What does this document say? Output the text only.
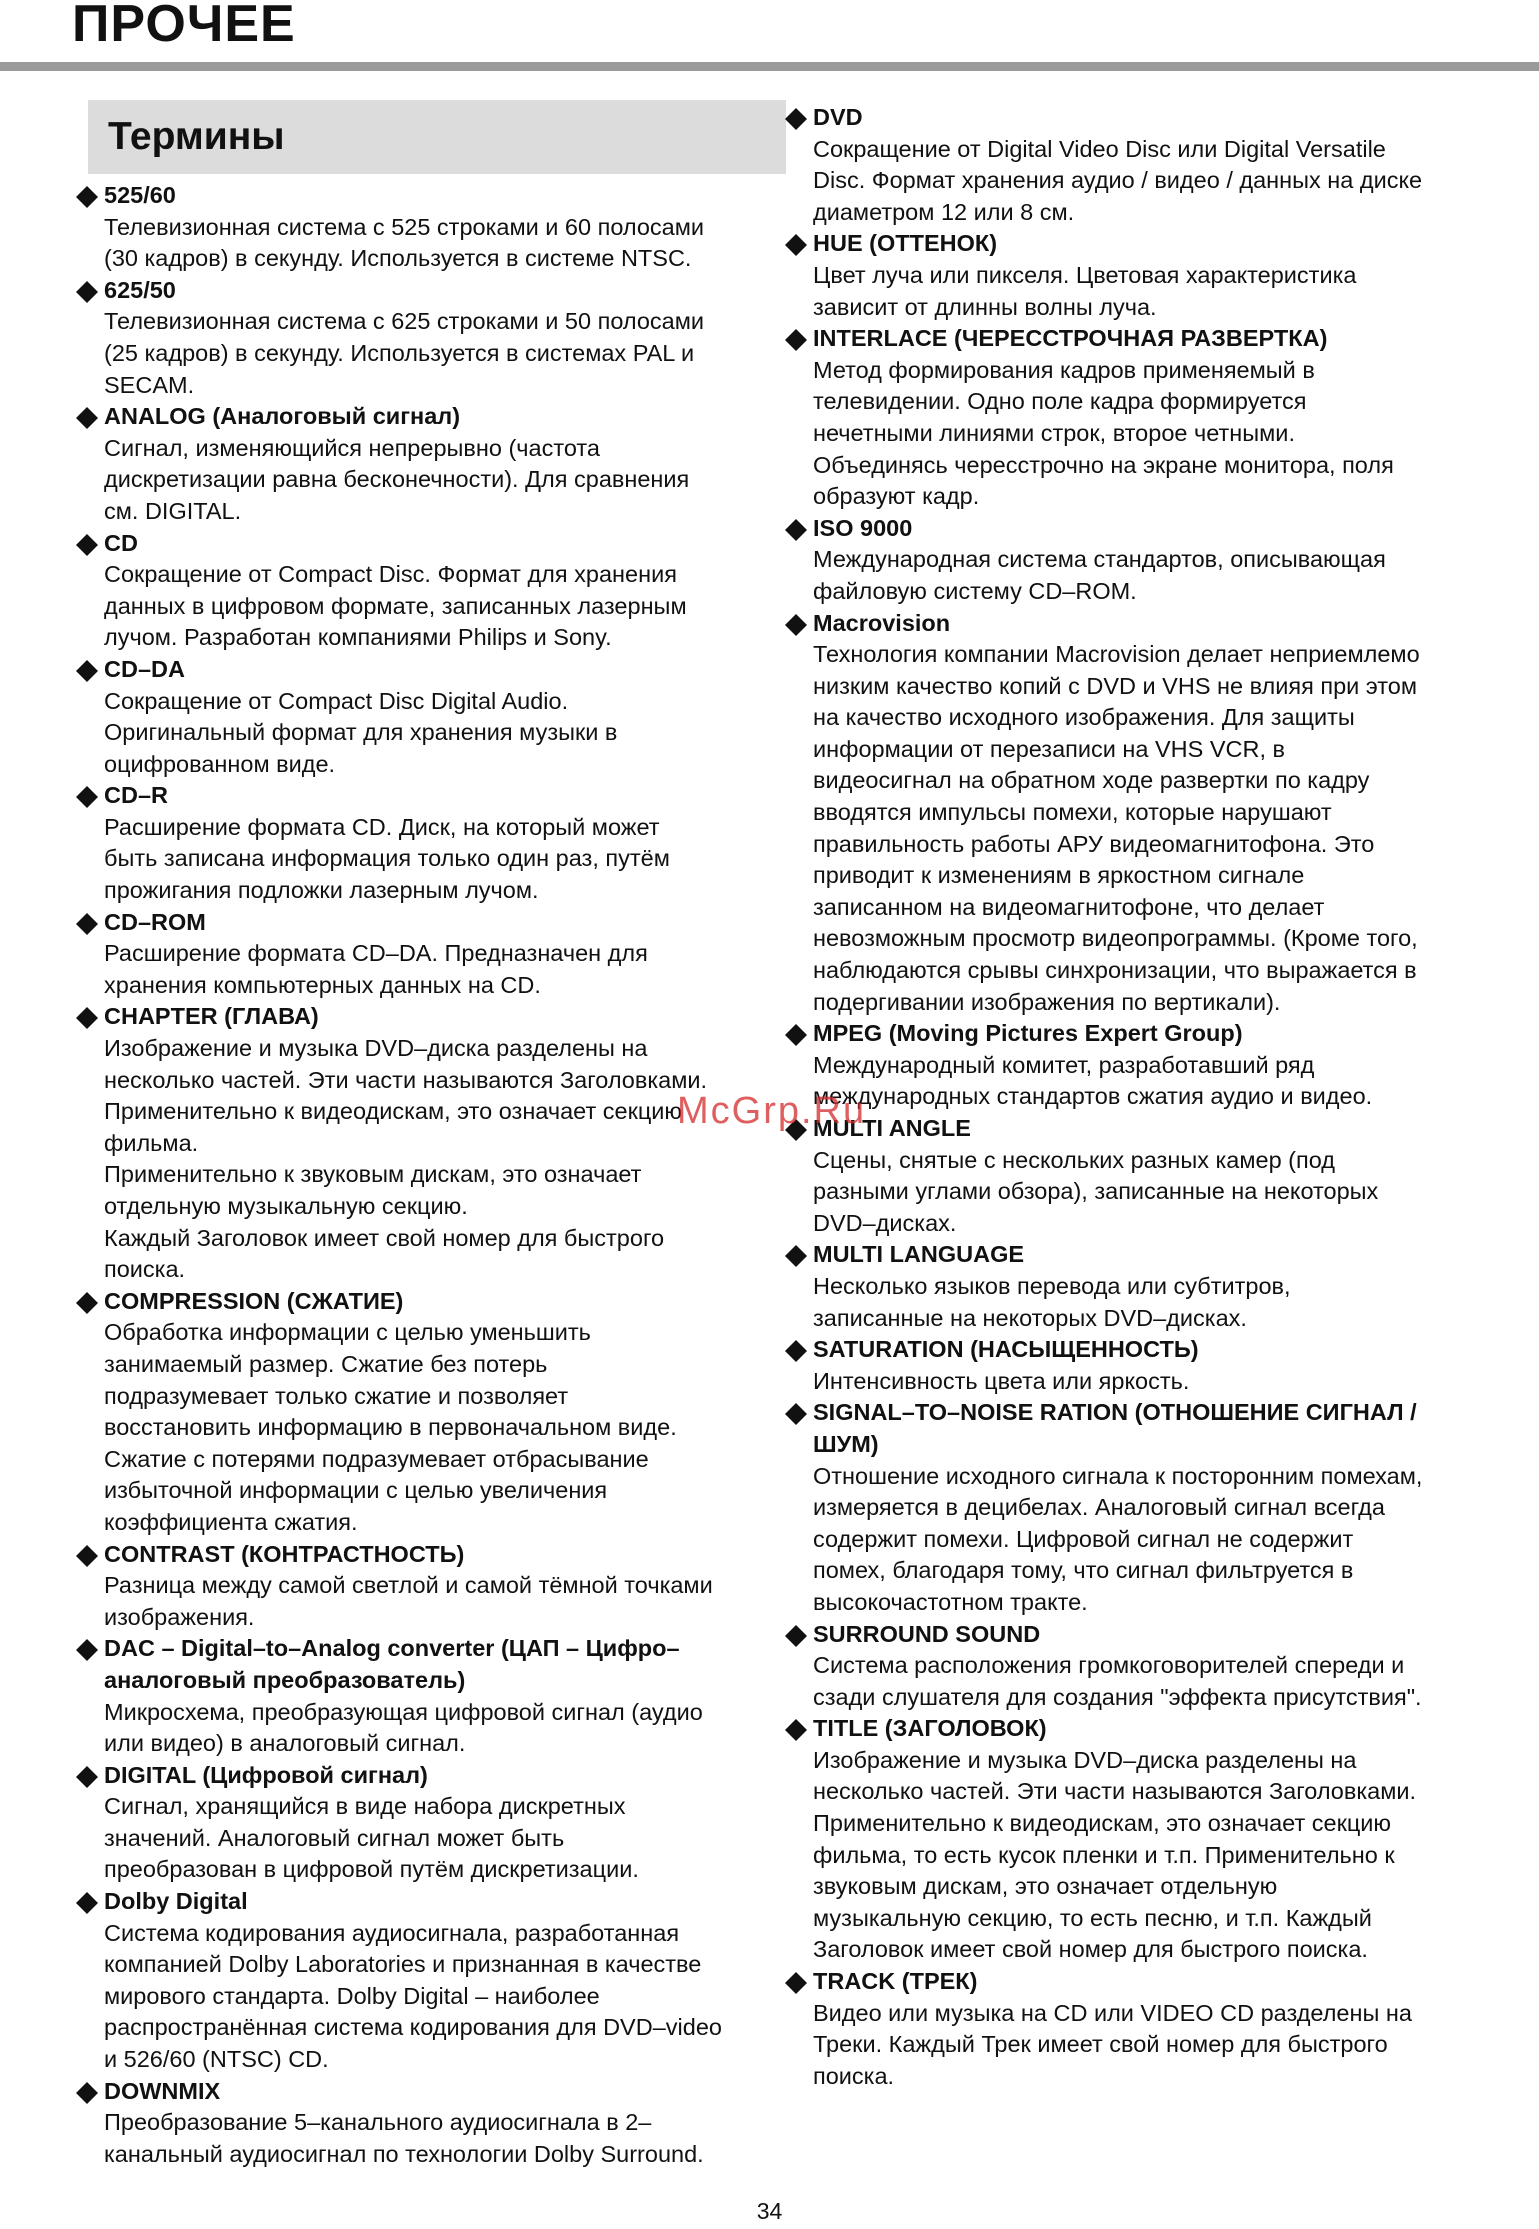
ПРОЧЕЕ
Термины
525/60
Телевизионная система с 525 строками и 60 полосами
(30 кадров) в секунду. Используется в системе NTSC.
625/50
Телевизионная система с 625 строками и 50 полосами
(25 кадров) в секунду. Используется в системах PAL и
SECAM.
ANALOG (Аналоговый сигнал)
Сигнал, изменяющийся непрерывно (частота
дискретизации равна бесконечности). Для сравнения
см. DIGITAL.
CD
Сокращение от Compact Disc. Формат для хранения
данных в цифровом формате, записанных лазерным
лучом. Разработан компаниями Philips и Sony.
CD–DA
Сокращение от Compact Disc Digital Audio.
Оригинальный формат для хранения музыки в
оцифрованном виде.
CD–R
Расширение формата CD. Диск, на который может
быть записана информация только один раз, путём
прожигания подложки лазерным лучом.
CD–ROM
Расширение формата CD–DA. Предназначен для
хранения компьютерных данных на CD.
CHAPTER (ГЛАВА)
Изображение и музыка DVD–диска разделены на
несколько частей. Эти части называются Заголовками.
Применительно к видеодискам, это означает секцию
фильма.
Применительно к звуковым дискам, это означает
отдельную музыкальную секцию.
Каждый Заголовок имеет свой номер для быстрого
поиска.
COMPRESSION (СЖАТИЕ)
Обработка информации с целью уменьшить
занимаемый размер. Сжатие без потерь
подразумевает только сжатие и позволяет
восстановить информацию в первоначальном виде.
Сжатие с потерями подразумевает отбрасывание
избыточной информации с целью увеличения
коэффициента сжатия.
CONTRAST (КОНТРАСТНОСТЬ)
Разница между самой светлой и самой тёмной точками
изображения.
DAC – Digital–to–Analog converter (ЦАП – Цифро–
аналоговый преобразователь)
Микросхема, преобразующая цифровой сигнал (аудио
или видео) в аналоговый сигнал.
DIGITAL (Цифровой сигнал)
Сигнал, хранящийся в виде набора дискретных
значений. Аналоговый сигнал может быть
преобразован в цифровой путём дискретизации.
Dolby Digital
Система кодирования аудиосигнала, разработанная
компанией Dolby Laboratories и признанная в качестве
мирового стандарта. Dolby Digital – наиболее
распространённая система кодирования для DVD–video
и 526/60 (NTSC) CD.
DOWNMIX
Преобразование 5–канального аудиосигнала в 2–
канальный аудиосигнал по технологии Dolby Surround.
DVD
Сокращение от Digital Video Disc или Digital Versatile
Disc. Формат хранения аудио / видео / данных на диске
диаметром 12 или 8 см.
HUE (ОТТЕНОК)
Цвет луча или пикселя. Цветовая характеристика
зависит от длинны волны луча.
INTERLACE (ЧЕРЕССТРОЧНАЯ РАЗВЕРТКА)
Метод формирования кадров применяемый в
телевидении. Одно поле кадра формируется
нечетными линиями строк, второе четными.
Объединясь чересстрочно на экране монитора, поля
образуют кадр.
ISO 9000
Международная система стандартов, описывающая
файловую систему CD–ROM.
Macrovision
Технология компании Macrovision делает неприемлемо
низким качество копий с DVD и VHS не влияя при этом
на качество исходного изображения. Для защиты
информации от перезаписи на VHS VCR, в
видеосигнал на обратном ходе развертки по кадру
вводятся импульсы помехи, которые нарушают
правильность работы АРУ видеомагнитофона. Это
приводит к изменениям в яркостном сигнале
записанном на видеомагнитофоне, что делает
невозможным просмотр видеопрограммы. (Кроме того,
наблюдаются срывы синхронизации, что выражается в
подергивании изображения по вертикали).
MPEG (Moving Pictures Expert Group)
Международный комитет, разработавший ряд
международных стандартов сжатия аудио и видео.
MULTI ANGLE
Сцены, снятые с нескольких разных камер (под
разными углами обзора), записанные на некоторых
DVD–дисках.
MULTI LANGUAGE
Несколько языков перевода или субтитров,
записанные на некоторых DVD–дисках.
SATURATION (НАСЫЩЕННОСТЬ)
Интенсивность цвета или яркость.
SIGNAL–TO–NOISE RATION (ОТНОШЕНИЕ СИГНАЛ /
ШУМ)
Отношение исходного сигнала к посторонним помехам,
измеряется в децибелах. Аналоговый сигнал всегда
содержит помехи. Цифровой сигнал не содержит
помех, благодаря тому, что сигнал фильтруется в
высокочастотном тракте.
SURROUND SOUND
Система расположения громкоговорителей спереди и
сзади слушателя для создания "эффекта присутствия".
TITLE (ЗАГОЛОВОК)
Изображение и музыка DVD–диска разделены на
несколько частей. Эти части называются Заголовками.
Применительно к видеодискам, это означает секцию
фильма, то есть кусок пленки и т.п. Применительно к
звуковым дискам, это означает отдельную
музыкальную секцию, то есть песню, и т.п. Каждый
Заголовок имеет свой номер для быстрого поиска.
TRACK (ТРЕК)
Видео или музыка на CD или VIDEO CD разделены на
Треки. Каждый Трек имеет свой номер для быстрого
поиска.
McGrp.Ru
34
